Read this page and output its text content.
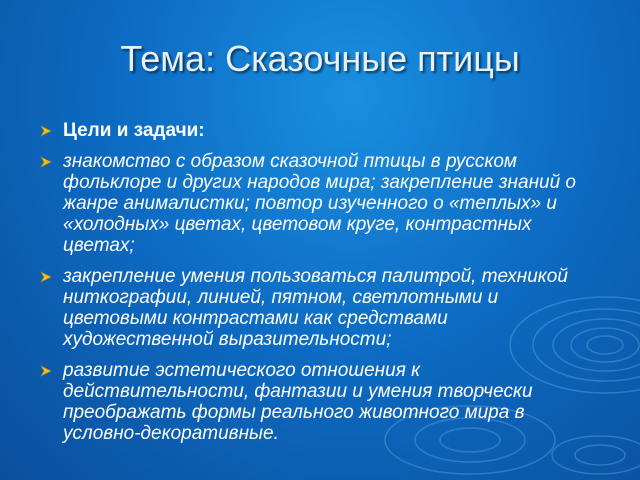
Тема: Сказочные птицы
Цели и задачи:
знакомство с образом сказочной птицы в русском фольклоре и других народов мира; закрепление знаний о жанре анималистки; повтор изученного о «теплых» и «холодных» цветах, цветовом круге, контрастных цветах;
закрепление умения пользоваться палитрой, техникой ниткографии, линией, пятном, светлотными и цветовыми контрастами как средствами художественной выразительности;
развитие эстетического отношения к действительности, фантазии и умения творчески преображать формы реального животного мира в условно-декоративные.
